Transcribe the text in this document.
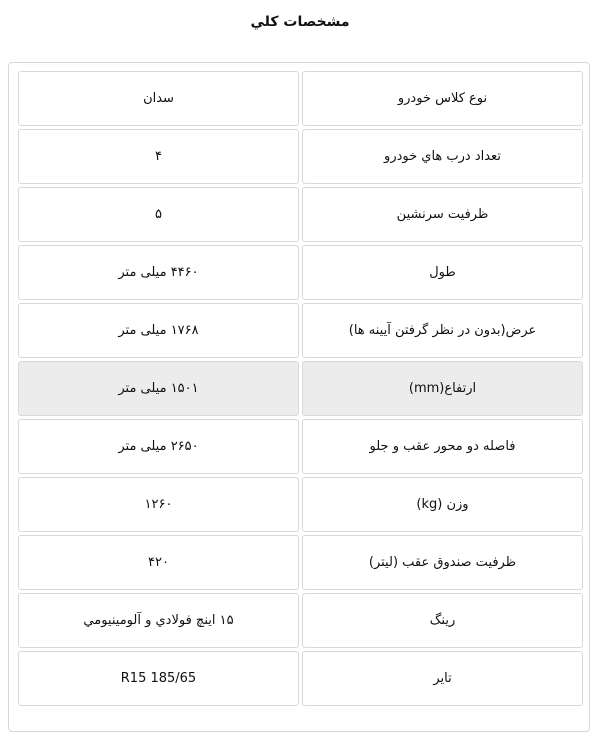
مشخصات كلي
نوع كلاس خودرو	سدان
تعداد درب هاي خودرو	۴
ظرفيت سرنشين	۵
طول	۴۴۶۰ میلی متر
عرض(بدون در نظر گرفتن آيينه ها)	۱۷۶۸ میلی متر
ارتفاع(mm)	۱۵۰۱ میلی متر
فاصله دو محور عقب و جلو	۲۶۵۰ میلی متر
وزن (kg)	۱۲۶۰
ظرفيت صندوق عقب (ليتر)	۴۲۰
رينگ	۱۵ اينچ فولادي و آلومينيومي
تاير	R15 185/65
